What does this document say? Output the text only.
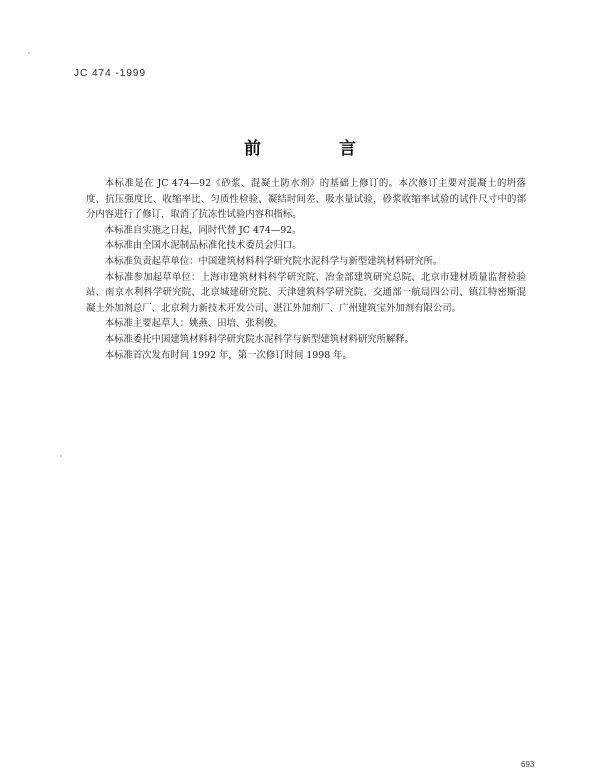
JC 474 -1999
前 言

本标准是在 JC 474—92《砂浆、混凝土防水剂》的基础上修订的。本次修订主要对混凝土的坍落度、抗压强度比、收缩率比、匀质性检验、凝结时间差、吸水量试验，砂浆收缩率试验的试件尺寸中的部分内容进行了修订，取消了抗冻性试验内容和指标。

本标准自实施之日起，同时代替 JC 474—92。

本标准由全国水泥制品标准化技术委员会归口。

本标准负责起草单位：中国建筑材料科学研究院水泥科学与新型建筑材料研究所。

本标准参加起草单位：上海市建筑材料科学研究院、冶金部建筑研究总院、北京市建材质量监督检验站、南京水利科学研究院、北京城建研究院、天津建筑科学研究院、交通部一航局四公司、镇江特密斯混凝土外加剂总厂、北京利力新技术开发公司、湛江外加剂厂、广州建筑宝外加剂有限公司。

本标准主要起草人：姚燕、田培、张利俊。

本标准委托中国建筑材料科学研究院水泥科学与新型建筑材料研究所解释。

本标准首次发布时间 1992 年，第一次修订时间 1998 年。

693
